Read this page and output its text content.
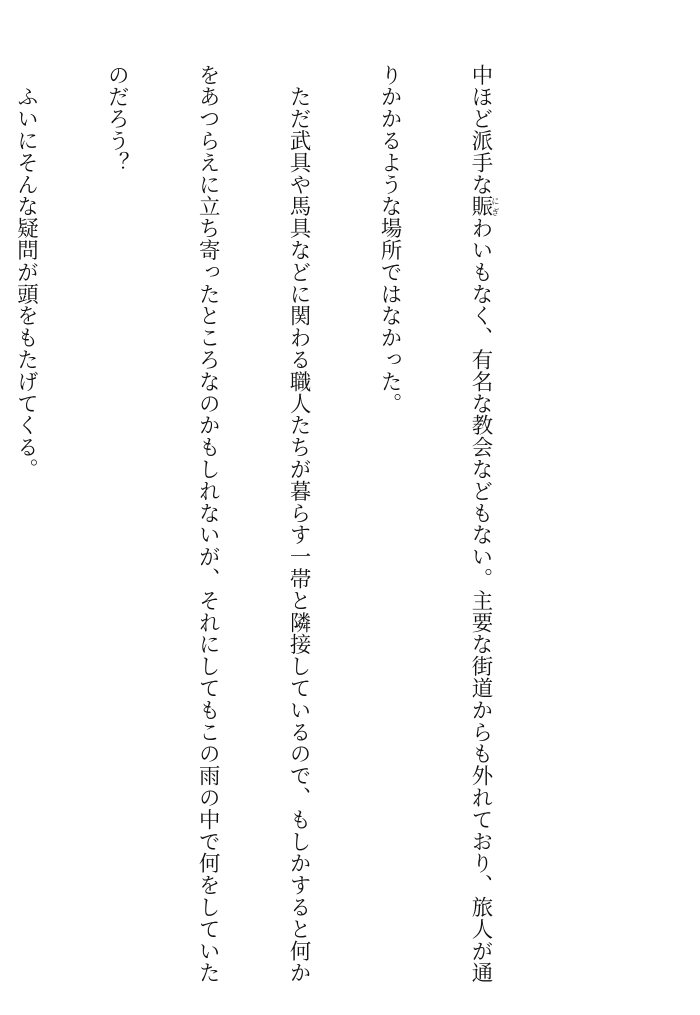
中ほど派手な賑にぎわいもなく、有名な教会などもない。主要な街道からも外れており、旅人が通

りかかるような場所ではなかった。

　ただ武具や馬具などに関わる職人たちが暮らす一帯と隣接しているので、もしかすると何か

をあつらえに立ち寄ったところなのかもしれないが、それにしてもこの雨の中で何をしていた

のだろう？

　ふいにそんな疑問が頭をもたげてくる。
